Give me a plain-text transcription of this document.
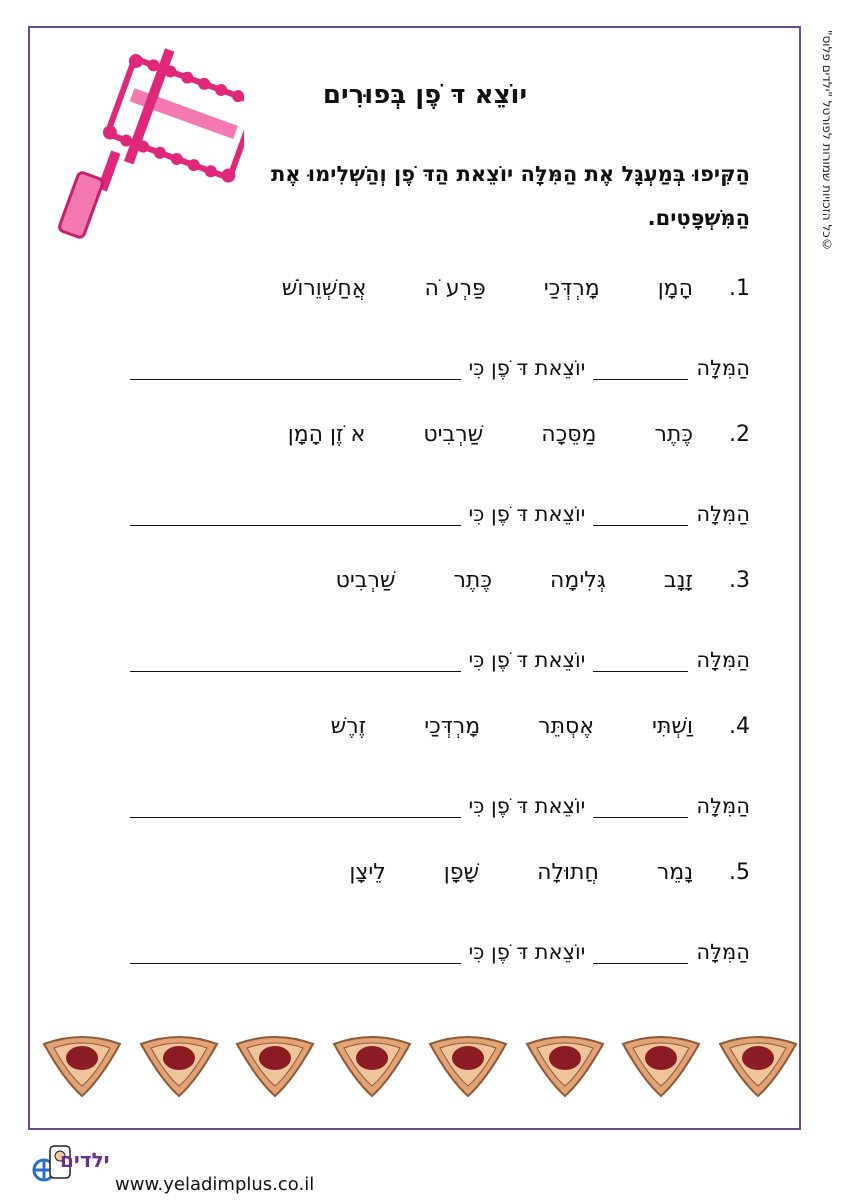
©כל הזכויות שמורות לפורטל "ילדים פלוס"
יוֹצֵא דּ ֹפֶן בְּפוּרִים
הַקִּיפוּ בְּמַעְגָּל אֶת הַמִּלָּה יוֹצֵאת הַדּ ֹפֶן וְהַשְׁלִימוּ אֶת הַמִּשְׁפָּטִים.
1.
הָמָן
מָרְדְּכַי
פַּרְע ֹה
אֲחַשְׁוֵרוֹשׁ
הַמִּלָּה
יוֹצֵאת דּ ֹפֶן כִּי
2.
כֶּתֶר
מַסֵּכָה
שַׁרְבִיט
א ֹזֶן הָמָן
הַמִּלָּה
יוֹצֵאת דּ ֹפֶן כִּי
3.
זָנָב
גְּלִימָה
כֶּתֶר
שַׁרְבִיט
הַמִּלָּה
יוֹצֵאת דּ ֹפֶן כִּי
4.
וַשְׁתִּי
אֶסְתֵּר
מָרְדְּכַי
זֶרֶשׁ
הַמִּלָּה
יוֹצֵאת דּ ֹפֶן כִּי
5.
נָמֵר
חֲתוּלָה
שָׁפָן
לֵיצָן
הַמִּלָּה
יוֹצֵאת דּ ֹפֶן כִּי
ילדים
www.yeladimplus.co.il
